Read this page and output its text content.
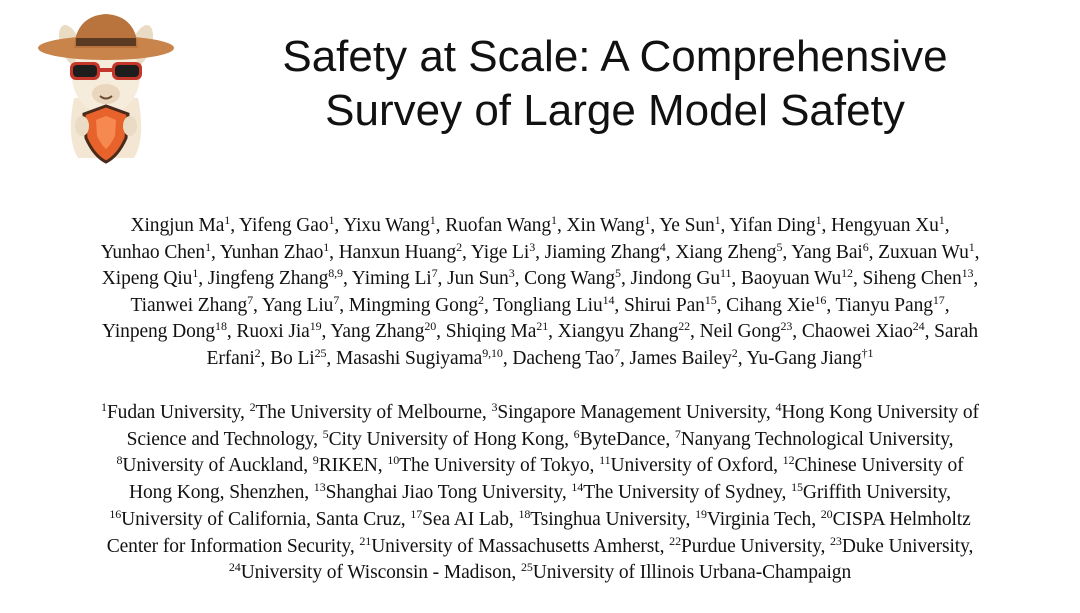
Safety at Scale: A Comprehensive
Survey of Large Model Safety
Xingjun Ma$^1$, Yifeng Gao$^1$, Yixu Wang$^1$, Ruofan Wang$^1$, Xin Wang$^1$, Ye Sun$^1$, Yifan Ding$^1$, Hengyuan Xu$^1$,
Yunhao Chen$^1$, Yunhan Zhao$^1$, Hanxun Huang$^2$, Yige Li$^3$, Jiaming Zhang$^4$, Xiang Zheng$^5$, Yang Bai$^6$, Zuxuan Wu$^1$,
Xipeng Qiu$^1$, Jingfeng Zhang$^{8,9}$, Yiming Li$^7$, Jun Sun$^3$, Cong Wang$^5$, Jindong Gu$^{11}$, Baoyuan Wu$^{12}$, Siheng Chen$^{13}$,
Tianwei Zhang$^7$, Yang Liu$^7$, Mingming Gong$^2$, Tongliang Liu$^{14}$, Shirui Pan$^{15}$, Cihang Xie$^{16}$, Tianyu Pang$^{17}$,
Yinpeng Dong$^{18}$, Ruoxi Jia$^{19}$, Yang Zhang$^{20}$, Shiqing Ma$^{21}$, Xiangyu Zhang$^{22}$, Neil Gong$^{23}$, Chaowei Xiao$^{24}$, Sarah
Erfani$^2$, Bo Li$^{25}$, Masashi Sugiyama$^{9,10}$, Dacheng Tao$^7$, James Bailey$^2$, Yu-Gang Jiang$^{\dagger 1}$
$^1$Fudan University, $^2$The University of Melbourne, $^3$Singapore Management University, $^4$Hong Kong University of
Science and Technology, $^5$City University of Hong Kong, $^6$ByteDance, $^7$Nanyang Technological University,
$^8$University of Auckland, $^9$RIKEN, $^{10}$The University of Tokyo, $^{11}$University of Oxford, $^{12}$Chinese University of
Hong Kong, Shenzhen, $^{13}$Shanghai Jiao Tong University, $^{14}$The University of Sydney, $^{15}$Griffith University,
$^{16}$University of California, Santa Cruz, $^{17}$Sea AI Lab, $^{18}$Tsinghua University, $^{19}$Virginia Tech, $^{20}$CISPA Helmholtz
Center for Information Security, $^{21}$University of Massachusetts Amherst, $^{22}$Purdue University, $^{23}$Duke University,
$^{24}$University of Wisconsin - Madison, $^{25}$University of Illinois Urbana-Champaign
